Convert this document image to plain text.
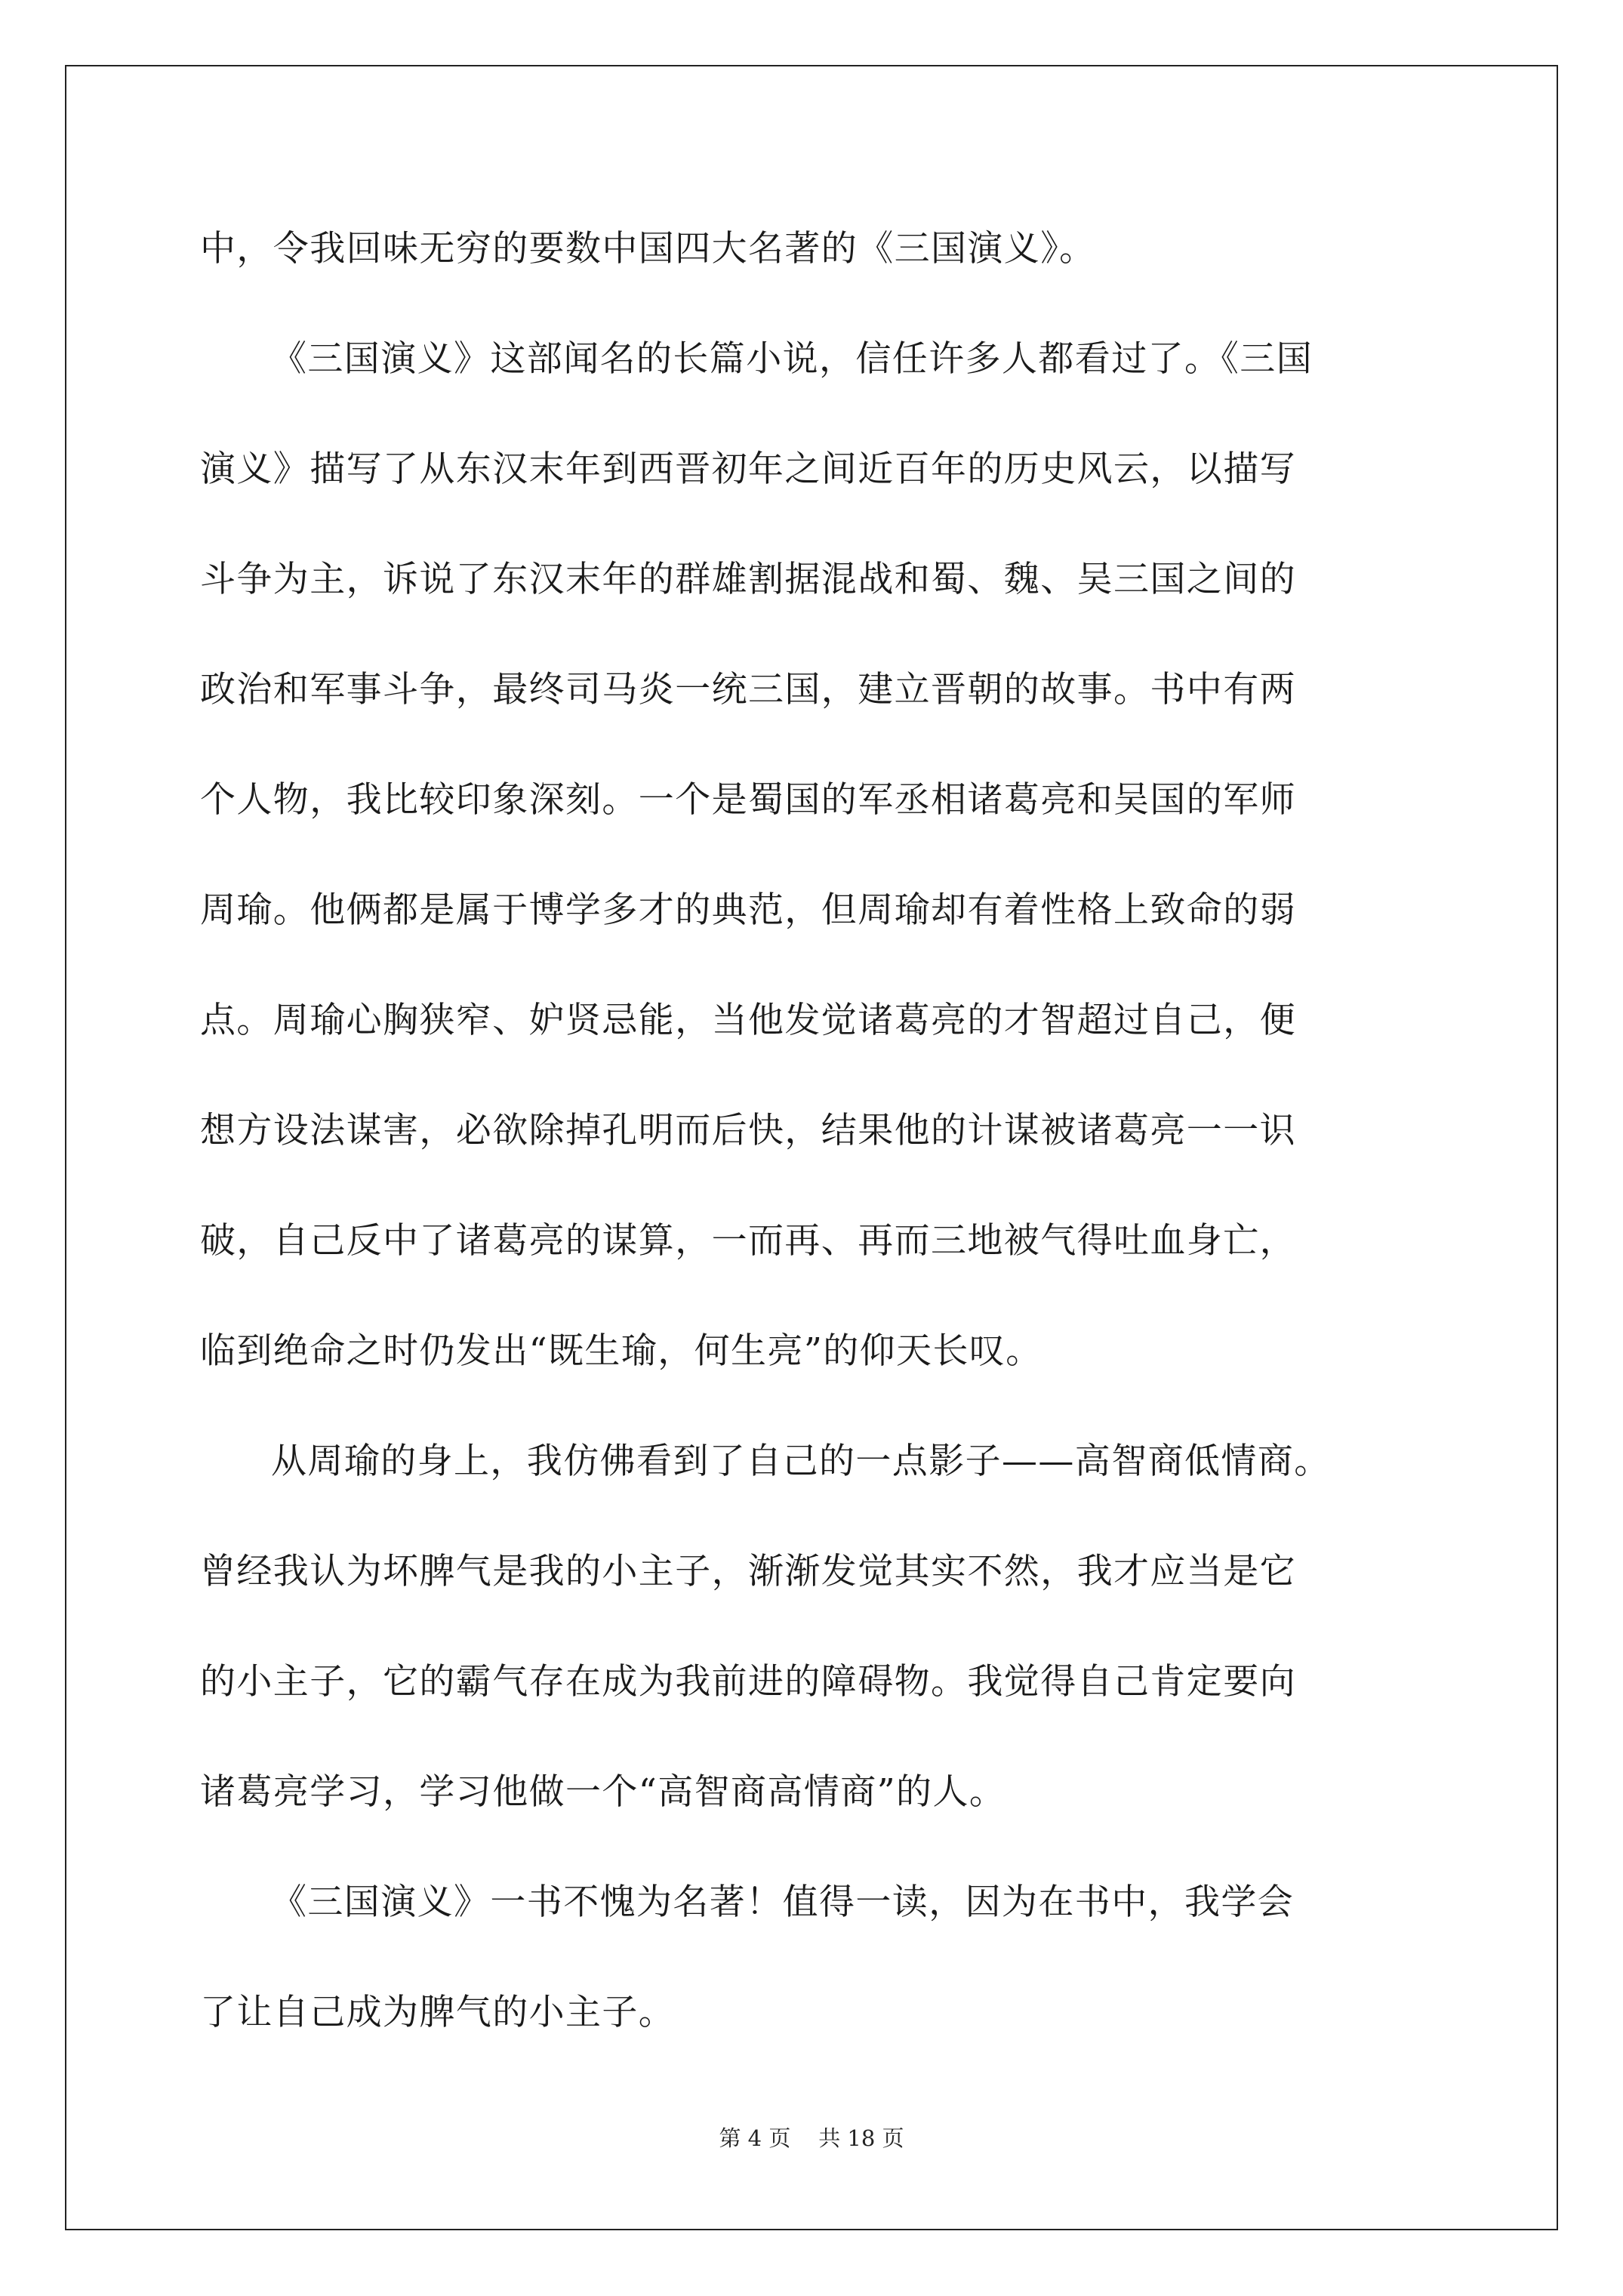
中，令我回味无穷的要数中国四大名著的《三国演义》。
《三国演义》这部闻名的长篇小说，信任许多人都看过了。《三国
演义》描写了从东汉末年到西晋初年之间近百年的历史风云，以描写
斗争为主，诉说了东汉末年的群雄割据混战和蜀、魏、吴三国之间的
政治和军事斗争，最终司马炎一统三国，建立晋朝的故事。书中有两
个人物，我比较印象深刻。一个是蜀国的军丞相诸葛亮和吴国的军师
周瑜。他俩都是属于博学多才的典范，但周瑜却有着性格上致命的弱
点。周瑜心胸狭窄、妒贤忌能，当他发觉诸葛亮的才智超过自己，便
想方设法谋害，必欲除掉孔明而后快，结果他的计谋被诸葛亮一一识
破，自己反中了诸葛亮的谋算，一而再、再而三地被气得吐血身亡，
临到绝命之时仍发出“既生瑜，何生亮”的仰天长叹。
从周瑜的身上，我仿佛看到了自己的一点影子——高智商低情商。
曾经我认为坏脾气是我的小主子，渐渐发觉其实不然，我才应当是它
的小主子，它的霸气存在成为我前进的障碍物。我觉得自己肯定要向
诸葛亮学习，学习他做一个“高智商高情商”的人。
《三国演义》一书不愧为名著！值得一读，因为在书中，我学会
了让自己成为脾气的小主子。
第 4 页    共 18 页
